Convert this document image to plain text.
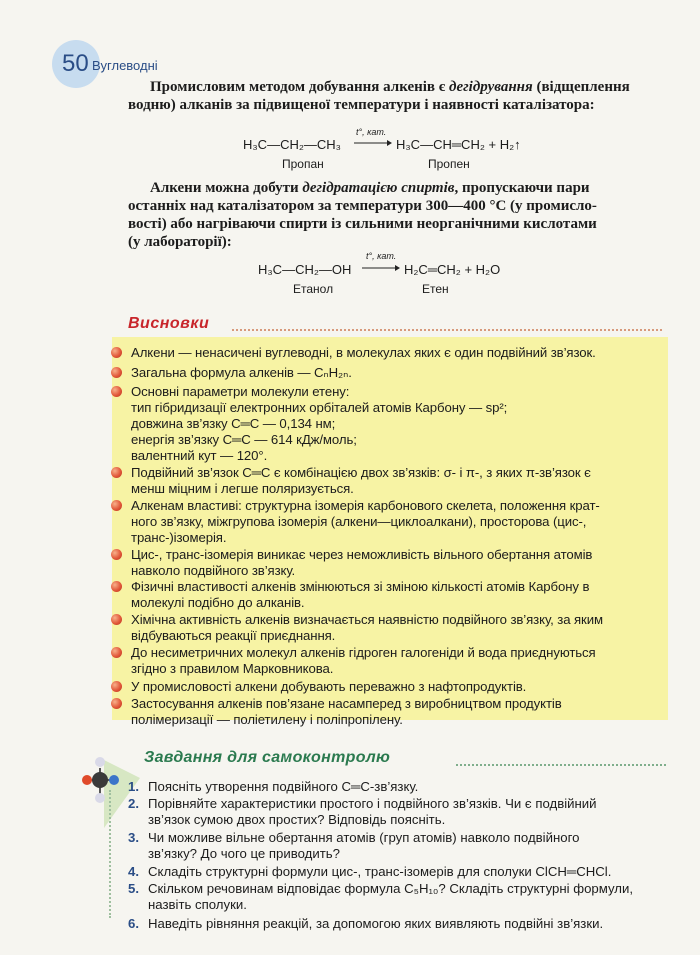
50 Вуглеводні
Промисловим методом добування алкенів є дегідрування (відщеплення
водню) алканів за підвищеної температури і наявності каталізатора:
H₃C—CH₂—CH₃
t°, кат.
→ H₃C—CH═CH₂ + H₂↑
Пропан	Пропен
Алкени можна добути дегідратацією спиртів, пропускаючи пари
останніх над каталізатором за температури 300—400 °С (у промисло-
вості) або нагріваючи спирти із сильними неорганічними кислотами
(у лабораторії):
H₃C—CH₂—OH
t°, кат.
→ H₂C═CH₂ + H₂O
Етанол	Етен
Висновки
Алкени — ненасичені вуглеводні, в молекулах яких є один подвійний зв’язок.
Загальна формула алкенів — CₙH₂ₙ.
Основні параметри молекули етену:
тип гібридизації електронних орбіталей атомів Карбону — sp²;
довжина зв’язку С═С — 0,134 нм;
енергія зв’язку С═С — 614 кДж/моль;
валентний кут — 120°.
Подвійний зв’язок С═С є комбінацією двох зв’язків: σ- і π-, з яких π-зв’язок є
менш міцним і легше поляризується.
Алкенам властиві: структурна ізомерія карбонового скелета, положення крат-
ного зв’язку, міжгрупова ізомерія (алкени—циклоалкани), просторова (цис-,
транс-)ізомерія.
Цис-, транс-ізомерія виникає через неможливість вільного обертання атомів
навколо подвійного зв’язку.
Фізичні властивості алкенів змінюються зі зміною кількості атомів Карбону в
молекулі подібно до алканів.
Хімічна активність алкенів визначається наявністю подвійного зв’язку, за яким
відбуваються реакції приєднання.
До несиметричних молекул алкенів гідроген галогеніди й вода приєднуються
згідно з правилом Марковникова.
У промисловості алкени добувають переважно з нафтопродуктів.
Застосування алкенів пов’язане насамперед з виробництвом продуктів
полімеризації — поліетилену і поліпропілену.
Завдання для самоконтролю
1. Поясніть утворення подвійного С═С-зв’язку.
2. Порівняйте характеристики простого і подвійного зв’язків. Чи є подвійний
зв’язок сумою двох простих? Відповідь поясніть.
3. Чи можливе вільне обертання атомів (груп атомів) навколо подвійного
зв’язку? До чого це приводить?
4. Складіть структурні формули цис-, транс-ізомерів для сполуки ClCH═CHCl.
5. Скільком речовинам відповідає формула C₅H₁₀? Складіть структурні формули,
назвіть сполуки.
6. Наведіть рівняння реакцій, за допомогою яких виявляють подвійні зв’язки.
